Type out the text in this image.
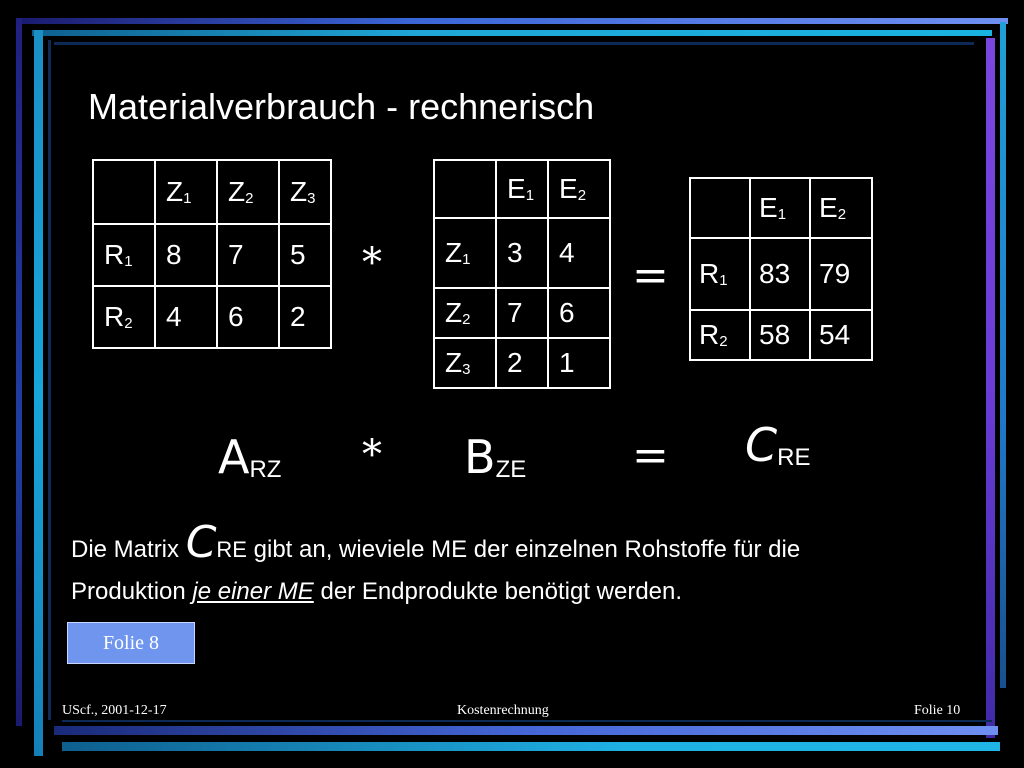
Materialverbrauch - rechnerisch
	$Z_1$	$Z_2$	$Z_3$
$R_1$	8	7	5
$R_2$	4	6	2
*
	$E_1$	$E_2$
$Z_1$	3	4
$Z_2$	7	6
$Z_3$	2	1
=
	$E_1$	$E_2$
$R_1$	83	79
$R_2$	58	54
ARZ * BZE = CRE
Die Matrix CRE gibt an, wieviele ME der einzelnen Rohstoffe für die
Produktion je einer ME der Endprodukte benötigt werden.
Folie 8
UScf., 2001-12-17	Kostenrechnung	Folie 10
